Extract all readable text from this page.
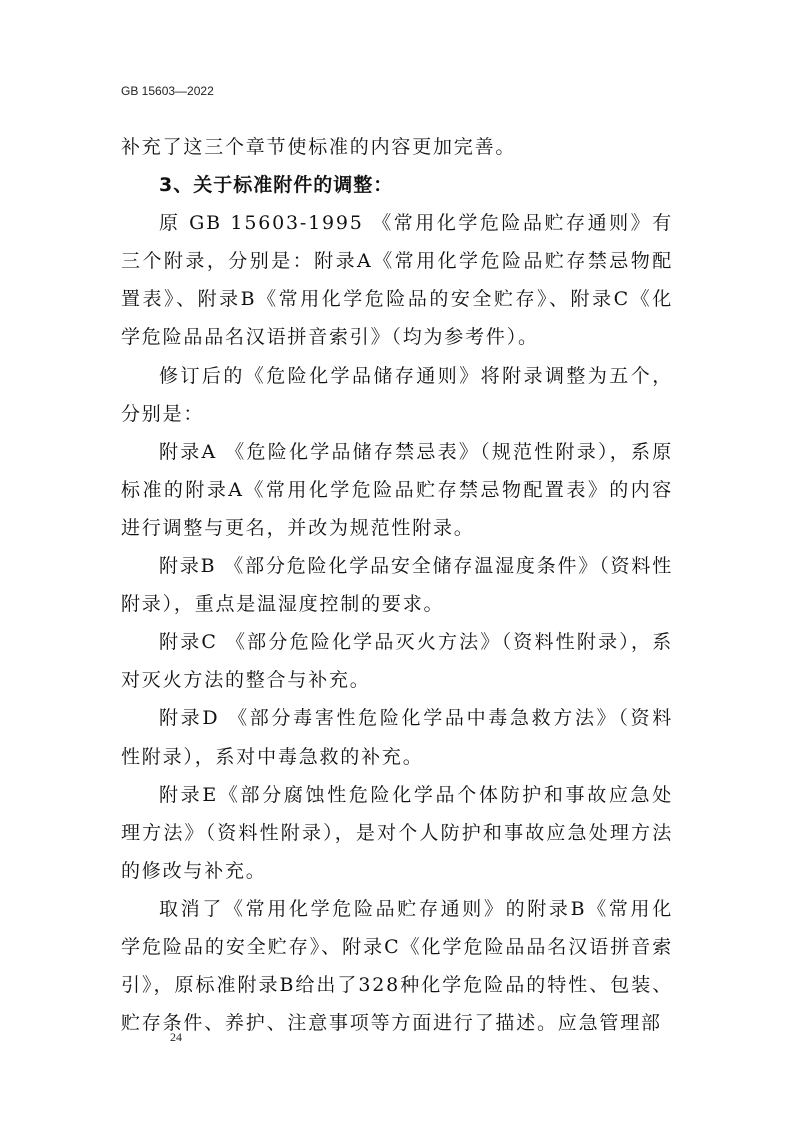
GB 15603—2022

补充了这三个章节使标准的内容更加完善。

3、关于标准附件的调整：

原 GB 15603-1995 《常用化学危险品贮存通则》有三个附录，分别是：附录A《常用化学危险品贮存禁忌物配置表》、附录B《常用化学危险品的安全贮存》、附录C《化学危险品品名汉语拼音索引》（均为参考件）。

修订后的《危险化学品储存通则》将附录调整为五个，分别是：

附录A 《危险化学品储存禁忌表》（规范性附录），系原标准的附录A《常用化学危险品贮存禁忌物配置表》的内容进行调整与更名，并改为规范性附录。

附录B 《部分危险化学品安全储存温湿度条件》（资料性附录），重点是温湿度控制的要求。

附录C 《部分危险化学品灭火方法》（资料性附录），系对灭火方法的整合与补充。

附录D 《部分毒害性危险化学品中毒急救方法》（资料性附录），系对中毒急救的补充。

附录E《部分腐蚀性危险化学品个体防护和事故应急处理方法》（资料性附录），是对个人防护和事故应急处理方法的修改与补充。

取消了《常用化学危险品贮存通则》的附录B《常用化学危险品的安全贮存》、附录C《化学危险品品名汉语拼音索引》，原标准附录B给出了328种化学危险品的特性、包装、贮存条件、养护、注意事项等方面进行了描述。应急管理部

24
